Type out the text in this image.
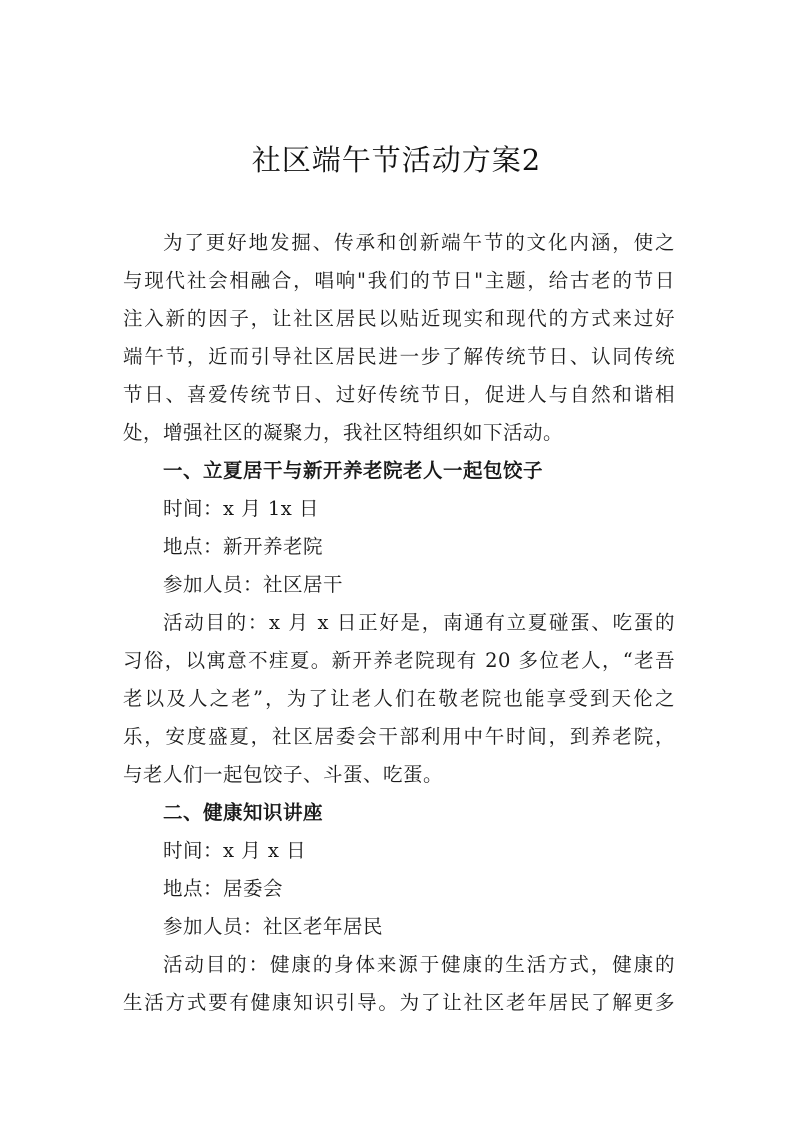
社区端午节活动方案2
为了更好地发掘、传承和创新端午节的文化内涵，使之
与现代社会相融合，唱响"我们的节日"主题，给古老的节日
注入新的因子，让社区居民以贴近现实和现代的方式来过好
端午节，近而引导社区居民进一步了解传统节日、认同传统
节日、喜爱传统节日、过好传统节日，促进人与自然和谐相
处，增强社区的凝聚力，我社区特组织如下活动。
一、立夏居干与新开养老院老人一起包饺子
时间：x 月 1x 日
地点：新开养老院
参加人员：社区居干
活动目的：x 月 x 日正好是，南通有立夏碰蛋、吃蛋的
习俗，以寓意不疰夏。新开养老院现有 20 多位老人，“老吾
老以及人之老”，为了让老人们在敬老院也能享受到天伦之
乐，安度盛夏，社区居委会干部利用中午时间，到养老院，
与老人们一起包饺子、斗蛋、吃蛋。
二、健康知识讲座
时间：x 月 x 日
地点：居委会
参加人员：社区老年居民
活动目的：健康的身体来源于健康的生活方式，健康的
生活方式要有健康知识引导。为了让社区老年居民了解更多
